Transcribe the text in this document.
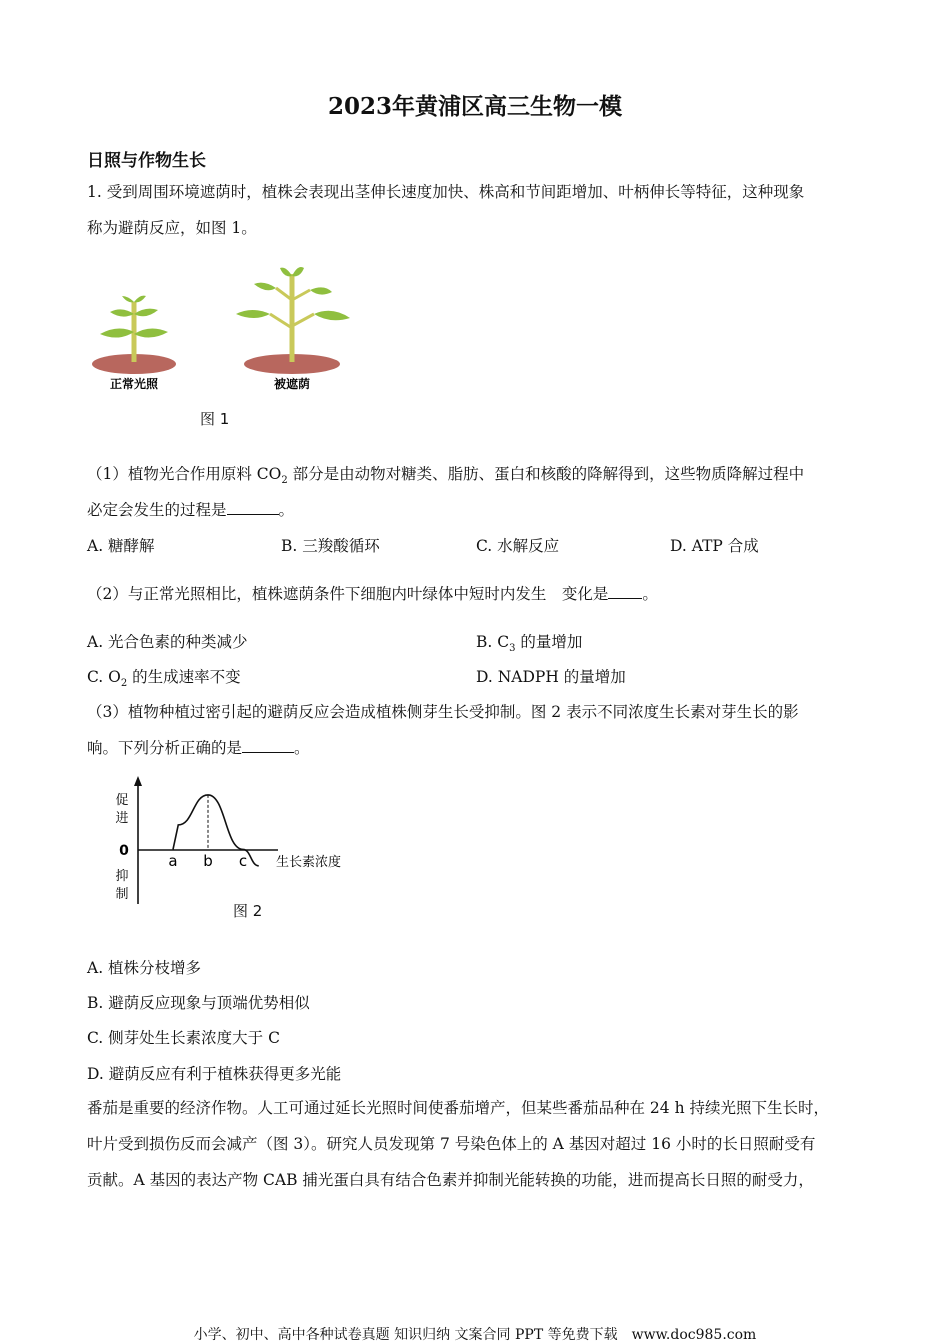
2023年黄浦区高三生物一模
日照与作物生长
1. 受到周围环境遮荫时，植株会表现出茎伸长速度加快、株高和节间距增加、叶柄伸长等特征，这种现象
称为避荫反应，如图 1。
正常光照	被遮荫
图 1
（1）植物光合作用原料 $CO_2$ 部分是由动物对糖类、脂肪、蛋白和核酸的降解得到，这些物质降解过程中
必定会发生的过程是	。
A. 糖酵解	B. 三羧酸循环	C. 水解反应	D. ATP 合成
（2）与正常光照相比，植株遮荫条件下细胞内叶绿体中短时内发生　变化是 。
A. 光合色素的种类减少	B. $C_3$ 的量增加
C. $O_2$ 的生成速率不变	D. NADPH 的量增加
（3）植物种植过密引起的避荫反应会造成植株侧芽生长受抑制。图 2 表示不同浓度生长素对芽生长的影
响。下列分析正确的是	。
促
进
0
抑
制
a b c 生长素浓度
图 2
A. 植株分枝增多
B. 避荫反应现象与顶端优势相似
C. 侧芽处生长素浓度大于 C
D. 避荫反应有利于植株获得更多光能
番茄是重要的经济作物。人工可通过延长光照时间使番茄增产，但某些番茄品种在 24 h 持续光照下生长时，
叶片受到损伤反而会减产（图 3）。研究人员发现第 7 号染色体上的 A 基因对超过 16 小时的长日照耐受有
贡献。A 基因的表达产物 CAB 捕光蛋白具有结合色素并抑制光能转换的功能，进而提高长日照的耐受力，
小学、初中、高中各种试卷真题 知识归纳 文案合同 PPT 等免费下载　www.doc985.com
